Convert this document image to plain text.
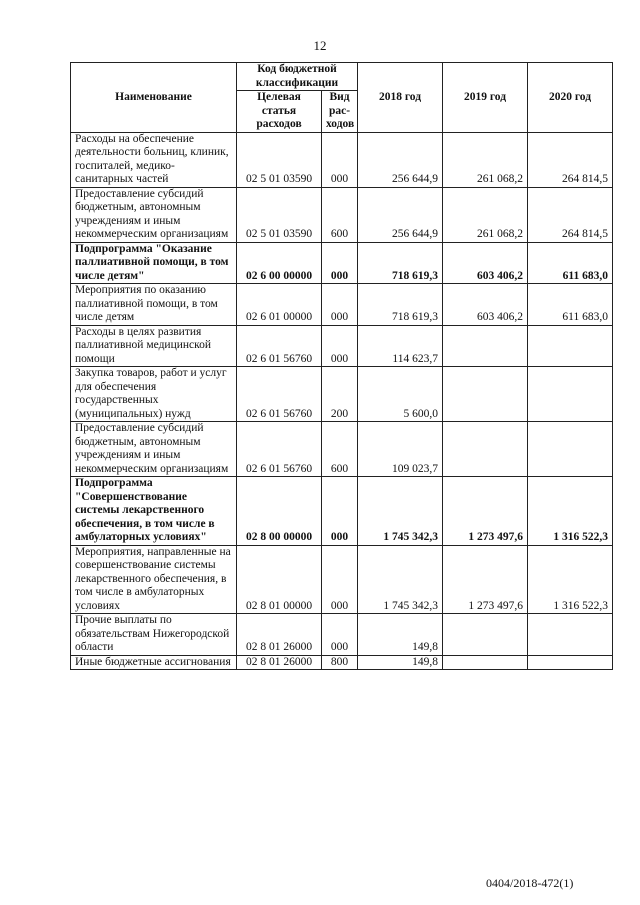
12
Наименование	Код бюджетной классификации		2018 год	2019 год	2020 год
	Целевая статья расходов	Вид рас-ходов			
Расходы на обеспечение деятельности больниц, клиник, госпиталей, медико-санитарных частей	02 5 01 03590	000	256 644,9	261 068,2	264 814,5
Предоставление субсидий бюджетным, автономным учреждениям и иным некоммерческим организациям	02 5 01 03590	600	256 644,9	261 068,2	264 814,5
Подпрограмма "Оказание паллиативной помощи, в том числе детям"	02 6 00 00000	000	718 619,3	603 406,2	611 683,0
Мероприятия по оказанию паллиативной помощи, в том числе детям	02 6 01 00000	000	718 619,3	603 406,2	611 683,0
Расходы в целях развития паллиативной медицинской помощи	02 6 01 56760	000	114 623,7		
Закупка товаров, работ и услуг для обеспечения государственных (муниципальных) нужд	02 6 01 56760	200	5 600,0		
Предоставление субсидий бюджетным, автономным учреждениям и иным некоммерческим организациям	02 6 01 56760	600	109 023,7		
Подпрограмма "Совершенствование системы лекарственного обеспечения, в том числе в амбулаторных условиях"	02 8 00 00000	000	1 745 342,3	1 273 497,6	1 316 522,3
Мероприятия, направленные на совершенствование системы лекарственного обеспечения, в том числе в амбулаторных условиях	02 8 01 00000	000	1 745 342,3	1 273 497,6	1 316 522,3
Прочие выплаты по обязательствам Нижегородской области	02 8 01 26000	000	149,8		
Иные бюджетные ассигнования	02 8 01 26000	800	149,8		
0404/2018-472(1)
